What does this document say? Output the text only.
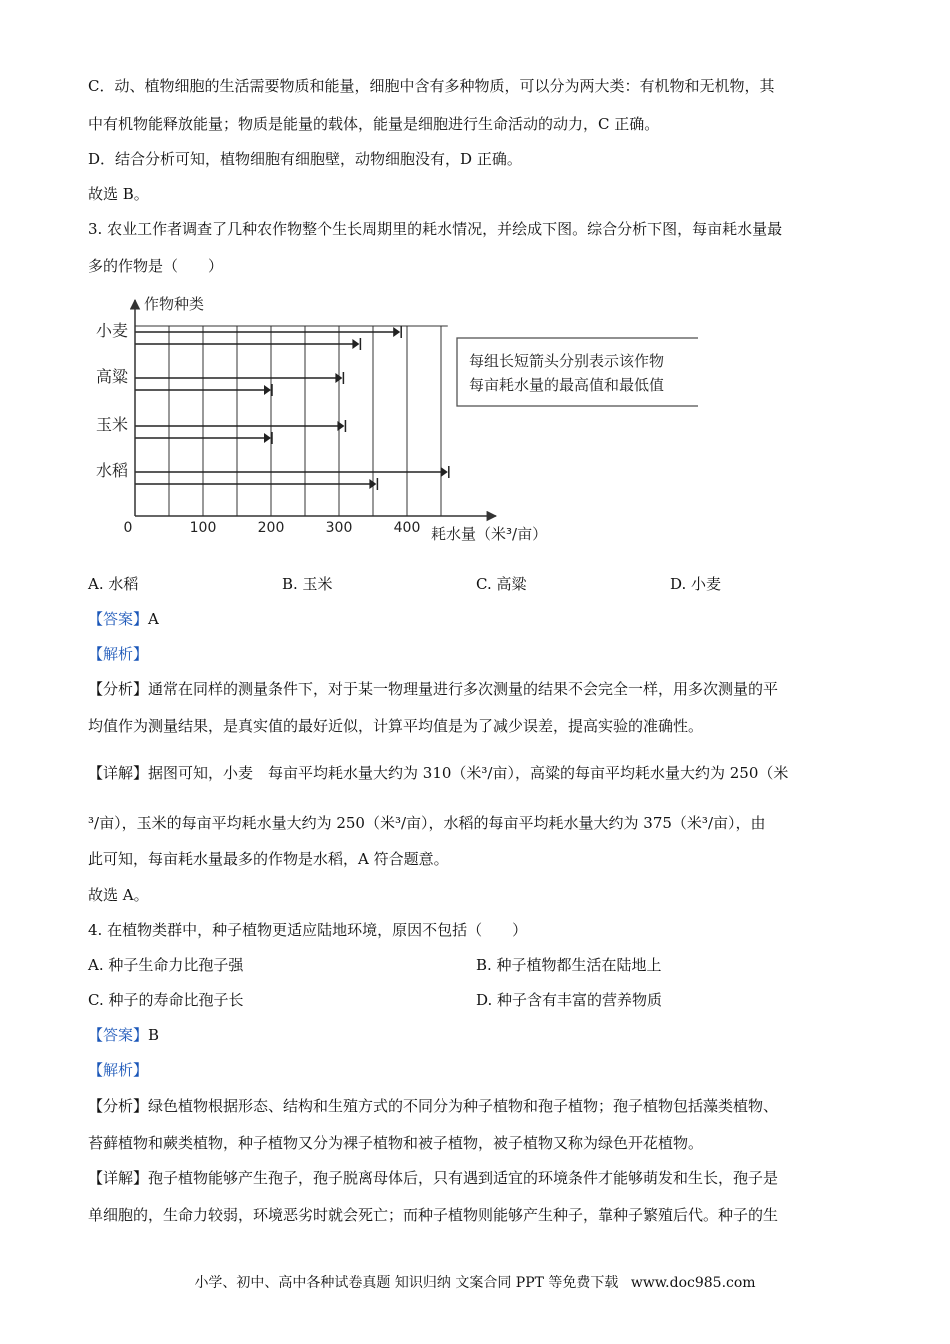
C．动、植物细胞的生活需要物质和能量，细胞中含有多种物质，可以分为两大类：有机物和无机物，其
中有机物能释放能量；物质是能量的载体，能量是细胞进行生命活动的动力，C 正确。
D．结合分析可知，植物细胞有细胞壁，动物细胞没有，D 正确。
故选 B。
3. 农业工作者调查了几种农作物整个生长周期里的耗水情况，并绘成下图。综合分析下图，每亩耗水量最
多的作物是（　　）
0	100	200	300	400
小麦
高粱
玉米
水稻
作物种类
耗水量（米³/亩）
每组长短箭头分别表示该作物
每亩耗水量的最高值和最低值
A. 水稻	B. 玉米	C. 高粱	D. 小麦
【答案】A
【解析】
【分析】通常在同样的测量条件下，对于某一物理量进行多次测量的结果不会完全一样，用多次测量的平
均值作为测量结果，是真实值的最好近似，计算平均值是为了减少误差，提高实验的准确性。
【详解】据图可知，小麦　每亩平均耗水量大约为 310（米³/亩），高粱的每亩平均耗水量大约为 250（米
³/亩），玉米的每亩平均耗水量大约为 250（米³/亩），水稻的每亩平均耗水量大约为 375（米³/亩），由
此可知，每亩耗水量最多的作物是水稻，A 符合题意。
故选 A。
4. 在植物类群中，种子植物更适应陆地环境，原因不包括（　　）
A. 种子生命力比孢子强	B. 种子植物都生活在陆地上
C. 种子的寿命比孢子长	D. 种子含有丰富的营养物质
【答案】B
【解析】
【分析】绿色植物根据形态、结构和生殖方式的不同分为种子植物和孢子植物；孢子植物包括藻类植物、
苔藓植物和蕨类植物，种子植物又分为裸子植物和被子植物，被子植物又称为绿色开花植物。
【详解】孢子植物能够产生孢子，孢子脱离母体后，只有遇到适宜的环境条件才能够萌发和生长，孢子是
单细胞的，生命力较弱，环境恶劣时就会死亡；而种子植物则能够产生种子，靠种子繁殖后代。种子的生
小学、初中、高中各种试卷真题 知识归纳 文案合同 PPT 等免费下载 www.doc985.com
